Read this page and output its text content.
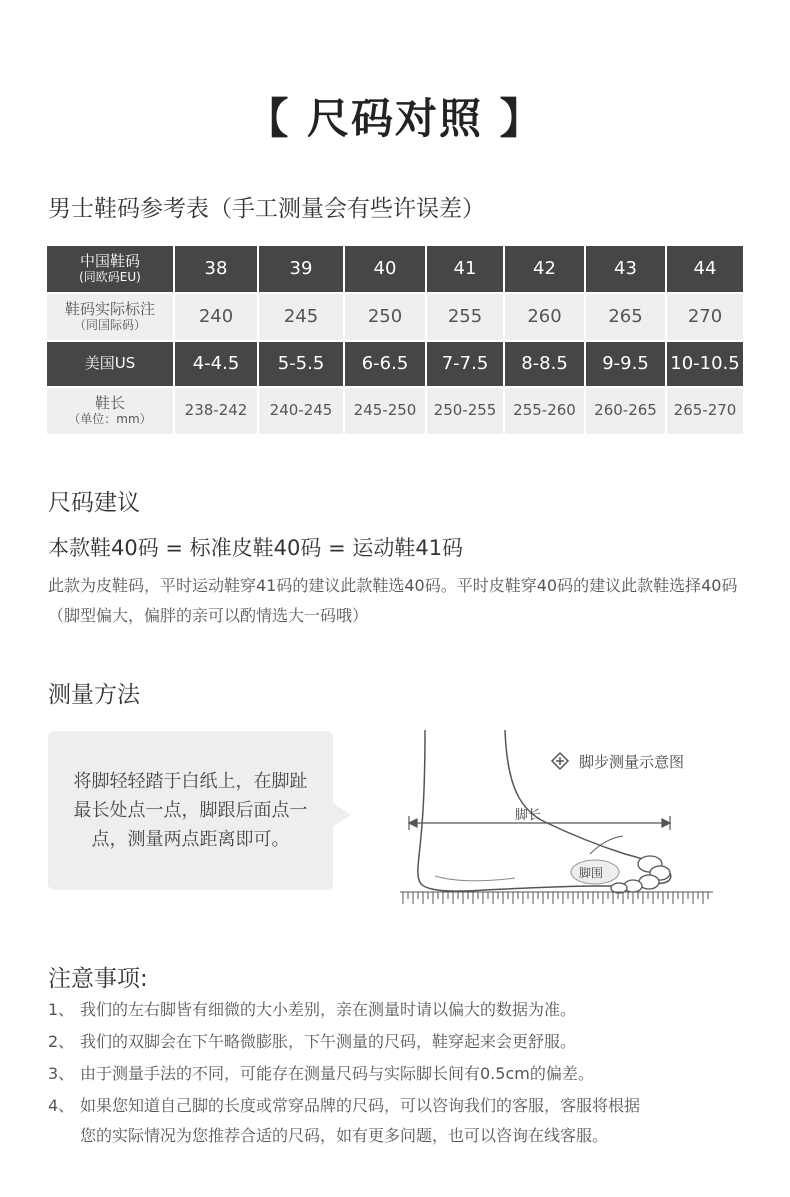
【 尺码对照 】
男士鞋码参考表（手工测量会有些许误差）
中国鞋码
(同欧码EU)	38	39	40	41	42	43	44
鞋码实际标注
（同国际码）	240	245	250	255	260	265	270
美国US	4-4.5	5-5.5	6-6.5	7-7.5	8-8.5	9-9.5	10-10.5
鞋长
（单位：mm）	238-242	240-245	245-250	250-255	255-260	260-265	265-270
尺码建议
本款鞋40码 = 标准皮鞋40码 = 运动鞋41码
此款为皮鞋码，平时运动鞋穿41码的建议此款鞋选40码。平时皮鞋穿40码的建议此款鞋选择40码（脚型偏大，偏胖的亲可以酌情选大一码哦）
测量方法
将脚轻轻踏于白纸上，在脚趾最长处点一点，脚跟后面点一点，测量两点距离即可。
脚步测量示意图
脚长
脚围
注意事项:
1、 我们的左右脚皆有细微的大小差别，亲在测量时请以偏大的数据为准。
2、 我们的双脚会在下午略微膨胀，下午测量的尺码，鞋穿起来会更舒服。
3、 由于测量手法的不同，可能存在测量尺码与实际脚长间有0.5cm的偏差。
4、 如果您知道自己脚的长度或常穿品牌的尺码，可以咨询我们的客服，客服将根据
您的实际情况为您推荐合适的尺码，如有更多问题，也可以咨询在线客服。
